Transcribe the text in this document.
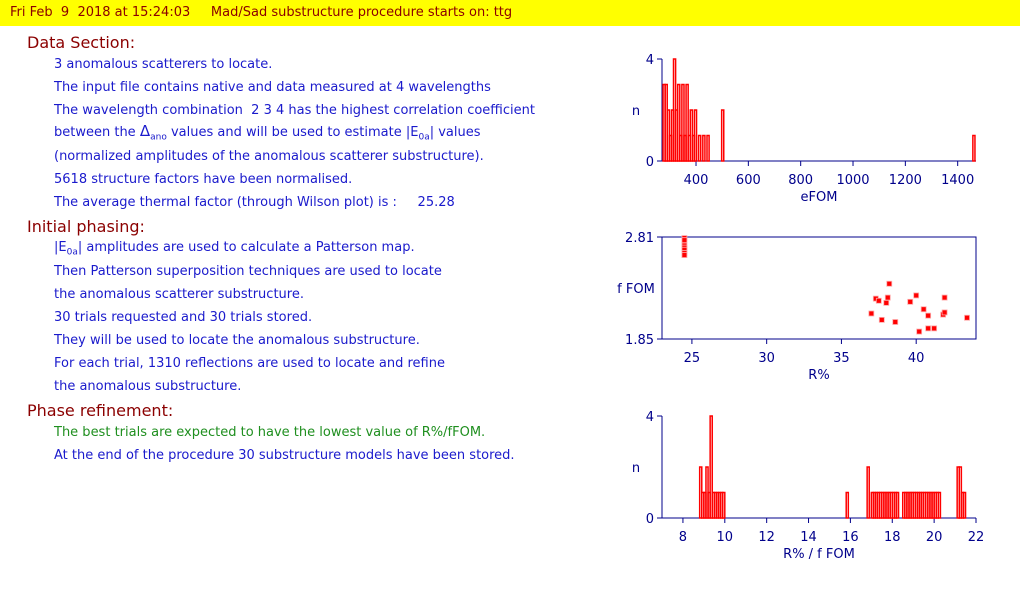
Fri Feb  9  2018 at 15:24:03 Mad/Sad substructure procedure starts on: ttg
Data Section:
3 anomalous scatterers to locate.
The input file contains native and data measured at 4 wavelengths
The wavelength combination  2 3 4 has the highest correlation coefficient
between the $\Delta_{ano}$ values and will be used to estimate $|E_{0a}|$ values
(normalized amplitudes of the anomalous scatterer substructure).
5618 structure factors have been normalised.
The average thermal factor (through Wilson plot) is :     25.28
Initial phasing:
$|E_{0a}|$ amplitudes are used to calculate a Patterson map.
Then Patterson superposition techniques are used to locate
the anomalous scatterer substructure.
30 trials requested and 30 trials stored.
They will be used to locate the anomalous substructure.
For each trial, 1310 reflections are used to locate and refine
the anomalous substructure.
Phase refinement:
The best trials are expected to have the lowest value of R%/fFOM.
At the end of the procedure 30 substructure models have been stored.
400 600 800 1000 1200 1400
4
0
eFOM
n
25	30	35	40
2.81
1.85
R%
f FOM
8 10 12 14 16 18 20 22
4
0
R% / f FOM
n
